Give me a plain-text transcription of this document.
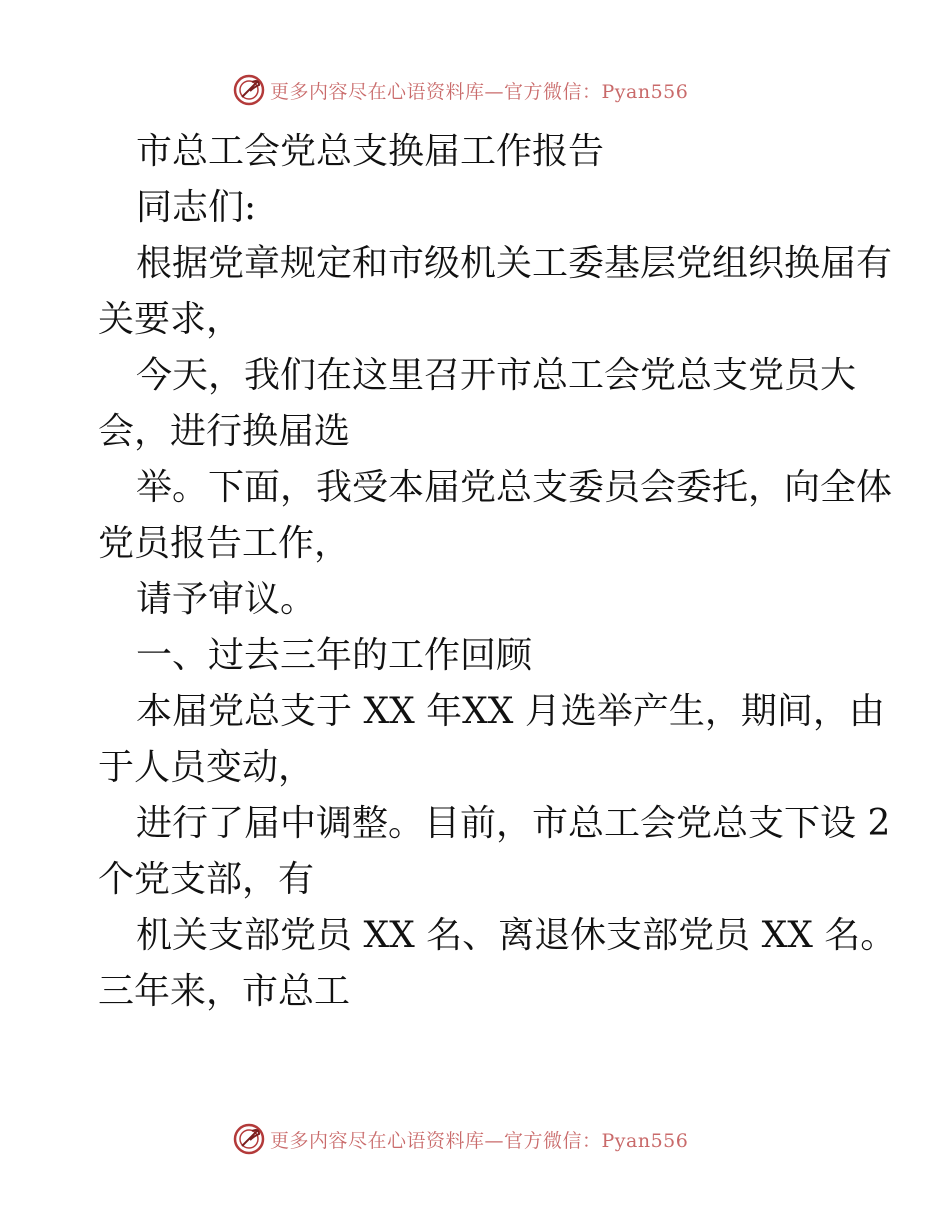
更多内容尽在心语资料库—官方微信：Pyan556
市总工会党总支换届工作报告
同志们:
根据党章规定和市级机关工委基层党组织换届有
关要求，
今天，我们在这里召开市总工会党总支党员大
会，进行换届选
举。下面，我受本届党总支委员会委托，向全体
党员报告工作，
请予审议。
一、过去三年的工作回顾
本届党总支于 XX 年XX 月选举产生，期间，由
于人员变动，
进行了届中调整。目前，市总工会党总支下设 2
个党支部，有
机关支部党员 XX 名、离退休支部党员 XX 名。
三年来，市总工
更多内容尽在心语资料库—官方微信：Pyan556
